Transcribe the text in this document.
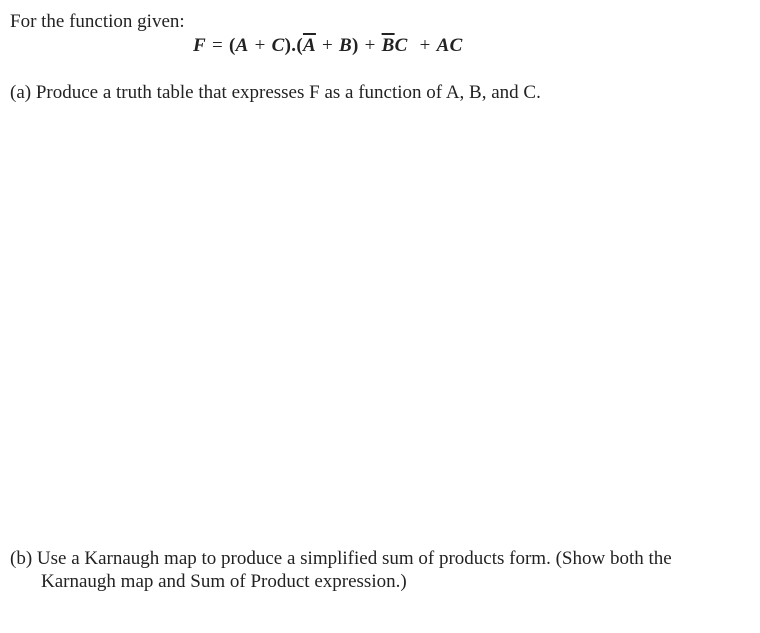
For the function given:
$F = (A + C).(\overline{A} + B) + \overline{B}C$ + AC
(a) Produce a truth table that expresses F as a function of A, B, and C.
(b) Use a Karnaugh map to produce a simplified sum of products form. (Show both the
Karnaugh map and Sum of Product expression.)
